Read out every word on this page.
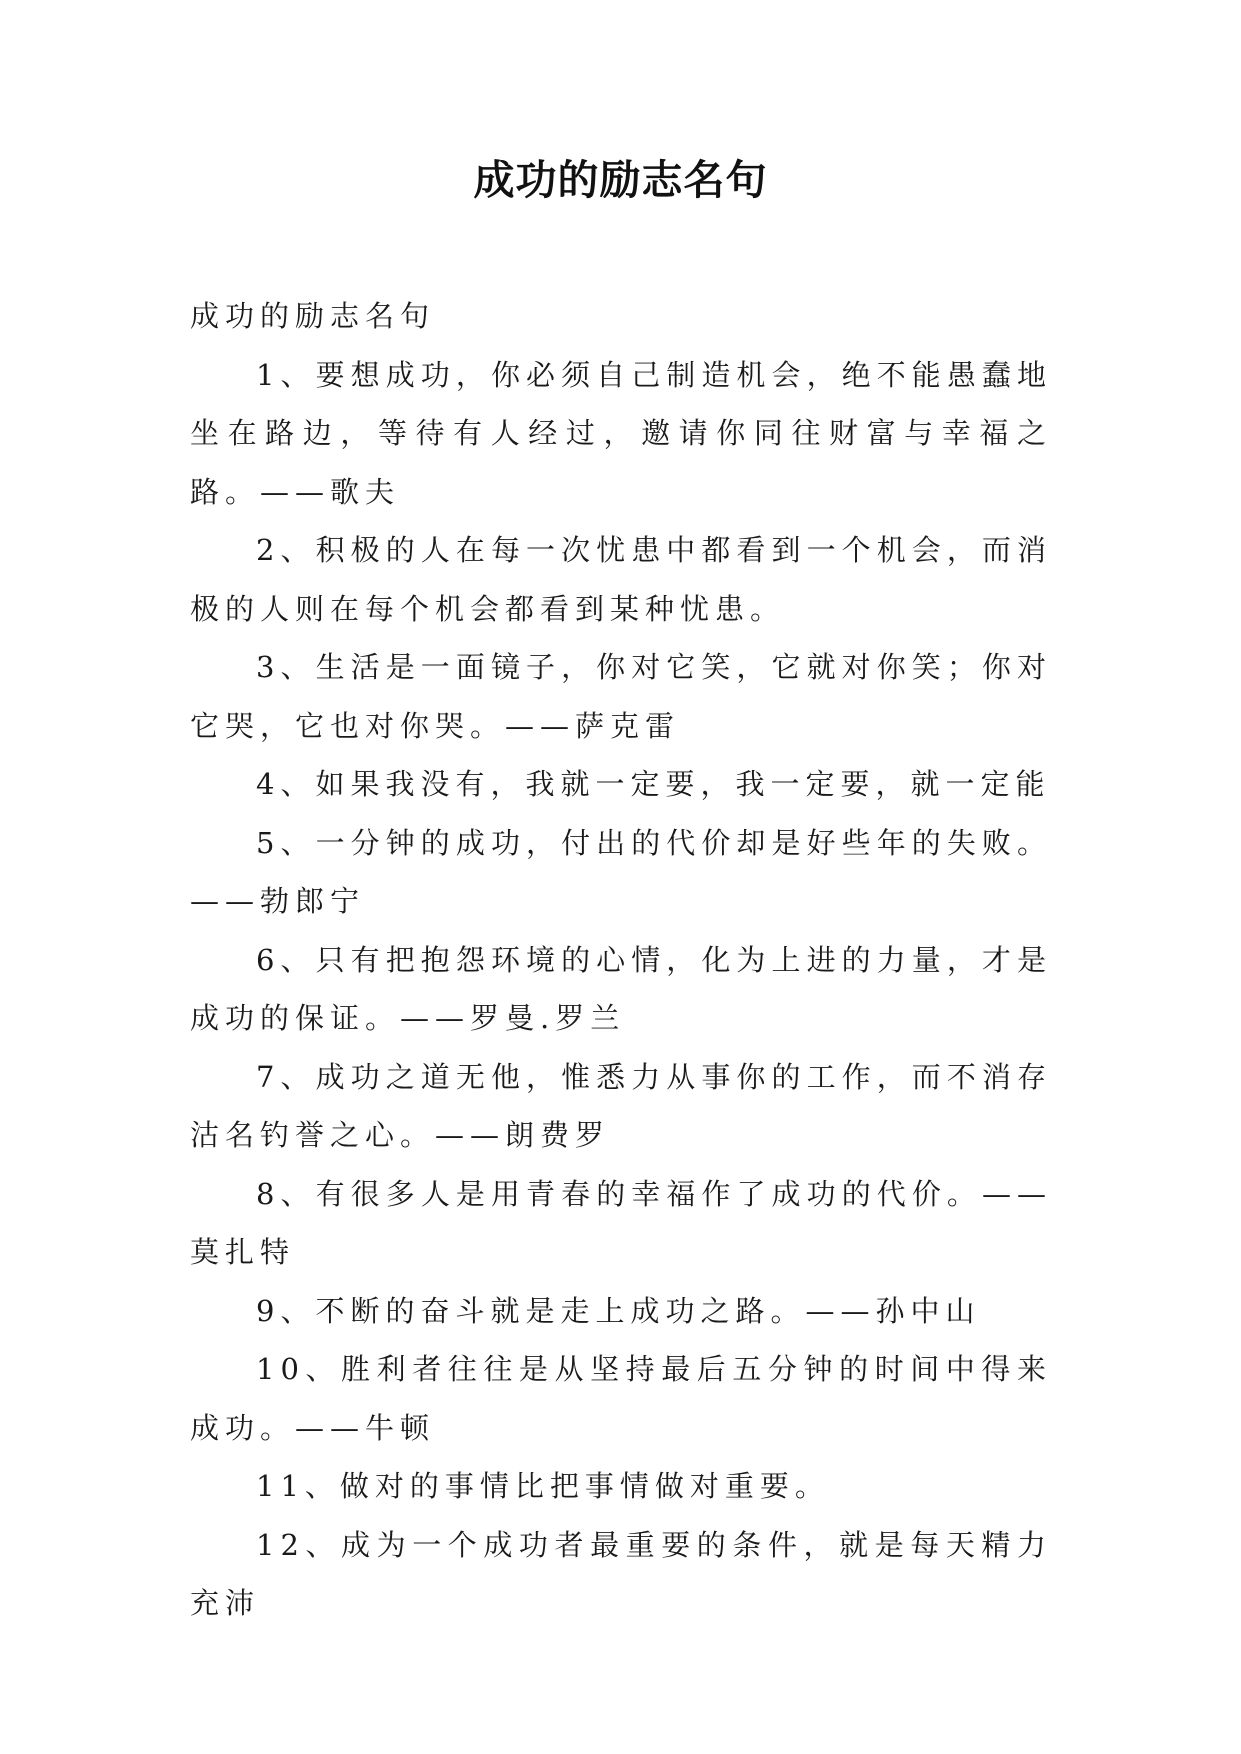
成功的励志名句

成功的励志名句

1、要想成功，你必须自己制造机会，绝不能愚蠢地坐在路边，等待有人经过，邀请你同往财富与幸福之路。——歌夫

2、积极的人在每一次忧患中都看到一个机会，而消极的人则在每个机会都看到某种忧患。

3、生活是一面镜子，你对它笑，它就对你笑；你对它哭，它也对你哭。——萨克雷

4、如果我没有，我就一定要，我一定要，就一定能

5、一分钟的成功，付出的代价却是好些年的失败。——勃郎宁

6、只有把抱怨环境的心情，化为上进的力量，才是成功的保证。——罗曼.罗兰

7、成功之道无他，惟悉力从事你的工作，而不消存沽名钓誉之心。——朗费罗

8、有很多人是用青春的幸福作了成功的代价。——莫扎特

9、不断的奋斗就是走上成功之路。——孙中山

10、胜利者往往是从坚持最后五分钟的时间中得来成功。——牛顿

11、做对的事情比把事情做对重要。

12、成为一个成功者最重要的条件，就是每天精力充沛
